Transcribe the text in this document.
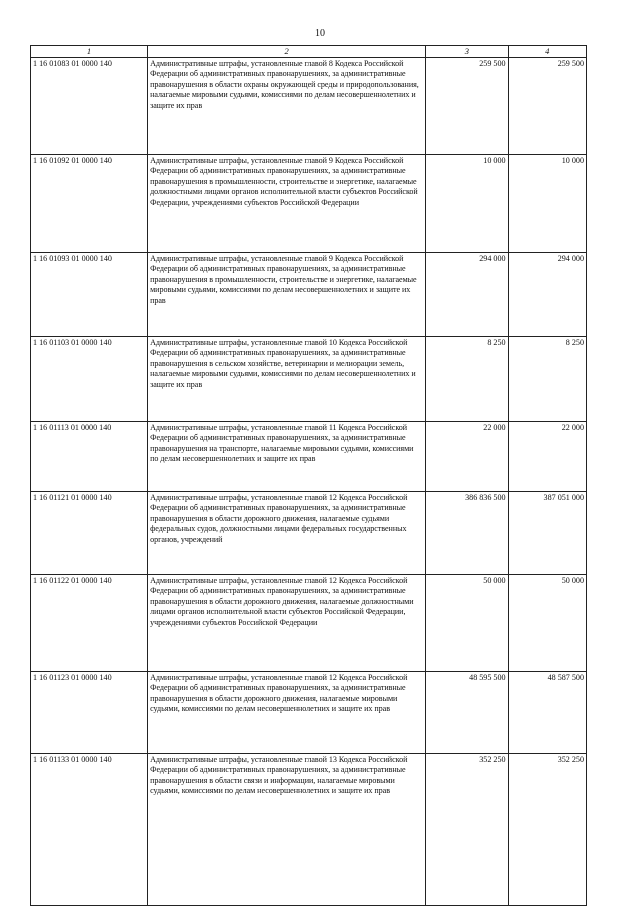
10
1	2	3	4
1 16 01083 01 0000 140	Административные штрафы, установленные главой 8 Кодекса Российской Федерации об административных правонарушениях, за административные правонарушения в области охраны окружающей среды и природопользования, налагаемые мировыми судьями, комиссиями по делам несовершеннолетних и защите их прав	259 500	259 500
1 16 01092 01 0000 140	Административные штрафы, установленные главой 9 Кодекса Российской Федерации об административных правонарушениях, за административные правонарушения в промышленности, строительстве и энергетике, налагаемые должностными лицами органов исполнительной власти субъектов Российской Федерации, учреждениями субъектов Российской Федерации	10 000	10 000
1 16 01093 01 0000 140	Административные штрафы, установленные главой 9 Кодекса Российской Федерации об административных правонарушениях, за административные правонарушения в промышленности, строительстве и энергетике, налагаемые мировыми судьями, комиссиями по делам несовершеннолетних и защите их прав	294 000	294 000
1 16 01103 01 0000 140	Административные штрафы, установленные главой 10 Кодекса Российской Федерации об административных правонарушениях, за административные правонарушения в сельском хозяйстве, ветеринарии и мелиорации земель, налагаемые мировыми судьями, комиссиями по делам несовершеннолетних и защите их прав	8 250	8 250
1 16 01113 01 0000 140	Административные штрафы, установленные главой 11 Кодекса Российской Федерации об административных правонарушениях, за административные правонарушения на транспорте, налагаемые мировыми судьями, комиссиями по делам несовершеннолетних и защите их прав	22 000	22 000
1 16 01121 01 0000 140	Административные штрафы, установленные главой 12 Кодекса Российской Федерации об административных правонарушениях, за административные правонарушения в области дорожного движения, налагаемые судьями федеральных судов, должностными лицами федеральных государственных органов, учреждений	386 836 500	387 051 000
1 16 01122 01 0000 140	Административные штрафы, установленные главой 12 Кодекса Российской Федерации об административных правонарушениях, за административные правонарушения в области дорожного движения, налагаемые должностными лицами органов исполнительной власти субъектов Российской Федерации, учреждениями субъектов Российской Федерации	50 000	50 000
1 16 01123 01 0000 140	Административные штрафы, установленные главой 12 Кодекса Российской Федерации об административных правонарушениях, за административные правонарушения в области дорожного движения, налагаемые мировыми судьями, комиссиями по делам несовершеннолетних и защите их прав	48 595 500	48 587 500
1 16 01133 01 0000 140	Административные штрафы, установленные главой 13 Кодекса Российской Федерации об административных правонарушениях, за административные правонарушения в области связи и информации, налагаемые мировыми судьями, комиссиями по делам несовершеннолетних и защите их прав	352 250	352 250
